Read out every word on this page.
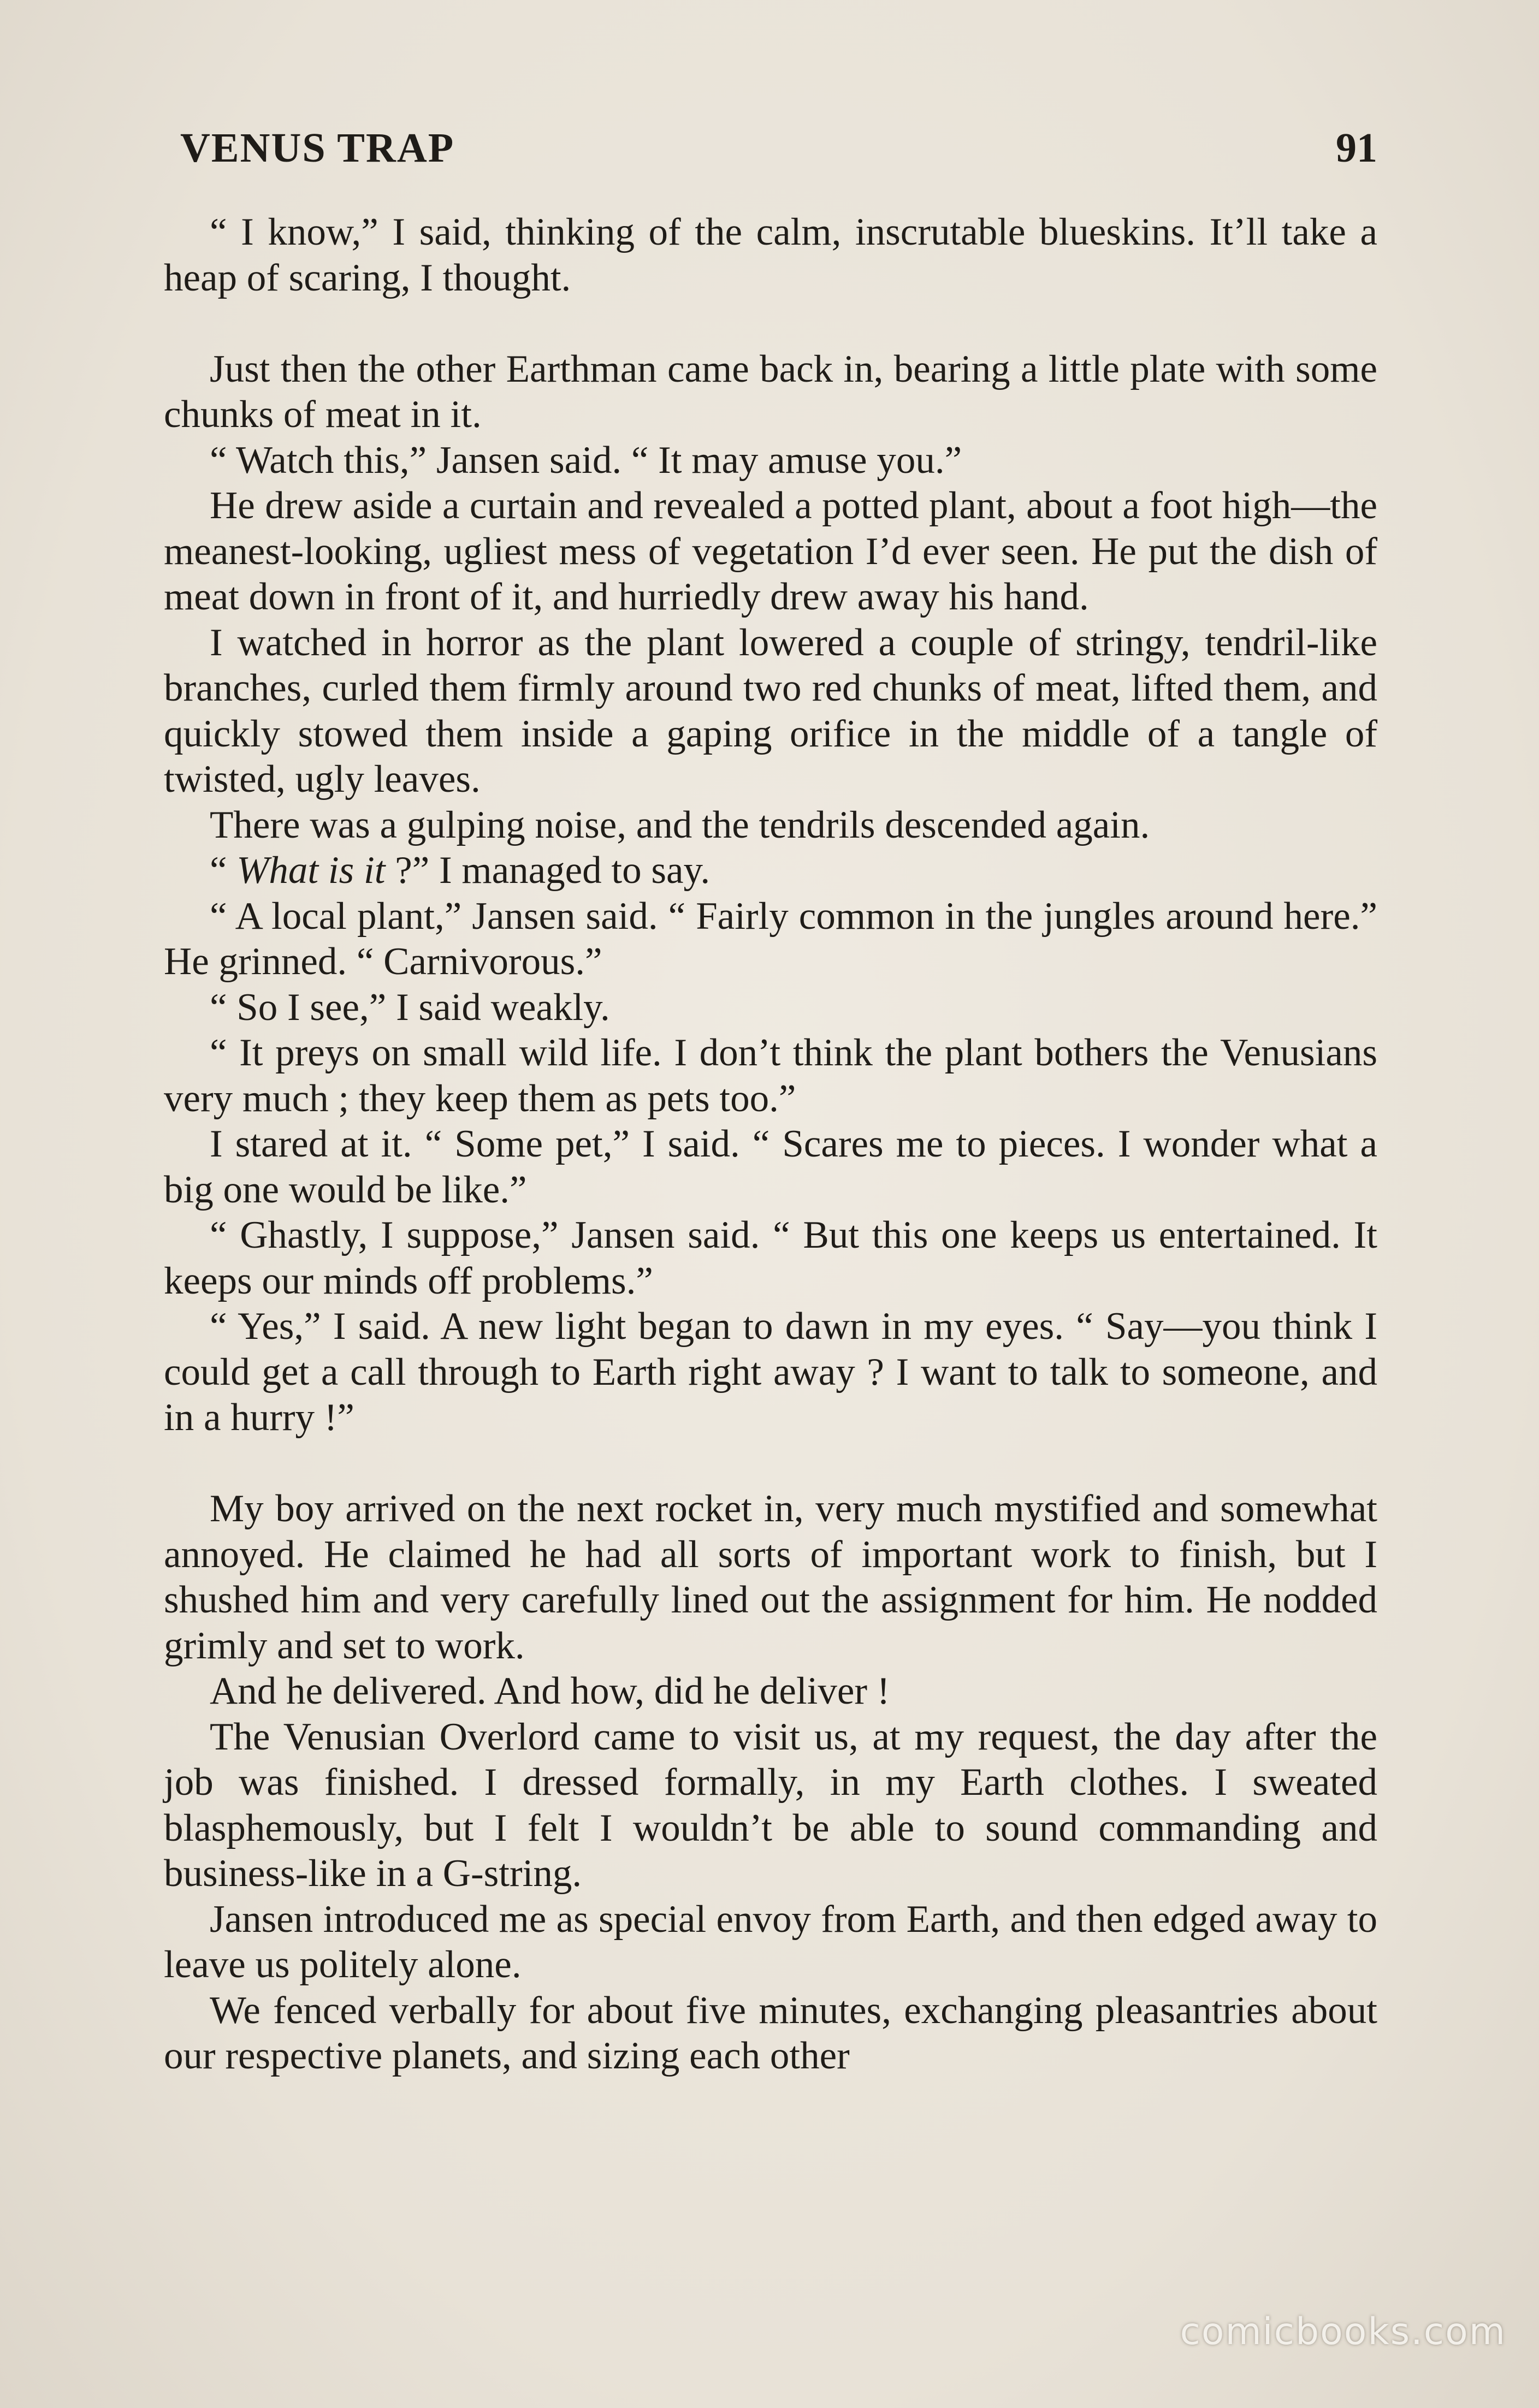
VENUS TRAP	91

“ I know,” I said, thinking of the calm, inscrutable blueskins. It’ll take a heap of scaring, I thought.

Just then the other Earthman came back in, bearing a little plate with some chunks of meat in it.

“ Watch this,” Jansen said. “ It may amuse you.”

He drew aside a curtain and revealed a potted plant, about a foot high—the meanest-looking, ugliest mess of vegetation I’d ever seen. He put the dish of meat down in front of it, and hurriedly drew away his hand.

I watched in horror as the plant lowered a couple of stringy, tendril-like branches, curled them firmly around two red chunks of meat, lifted them, and quickly stowed them inside a gaping orifice in the middle of a tangle of twisted, ugly leaves.

There was a gulping noise, and the tendrils descended again.

“ What is it ?” I managed to say.

“ A local plant,” Jansen said. “ Fairly common in the jungles around here.” He grinned. “ Carnivorous.”

“ So I see,” I said weakly.

“ It preys on small wild life. I don’t think the plant bothers the Venusians very much ; they keep them as pets too.”

I stared at it. “ Some pet,” I said. “ Scares me to pieces. I wonder what a big one would be like.”

“ Ghastly, I suppose,” Jansen said. “ But this one keeps us entertained. It keeps our minds off problems.”

“ Yes,” I said. A new light began to dawn in my eyes. “ Say—you think I could get a call through to Earth right away ? I want to talk to someone, and in a hurry !”

My boy arrived on the next rocket in, very much mystified and somewhat annoyed. He claimed he had all sorts of important work to finish, but I shushed him and very carefully lined out the assignment for him. He nodded grimly and set to work.

And he delivered. And how, did he deliver !

The Venusian Overlord came to visit us, at my request, the day after the job was finished. I dressed formally, in my Earth clothes. I sweated blasphemously, but I felt I wouldn’t be able to sound commanding and business-like in a G-string.

Jansen introduced me as special envoy from Earth, and then edged away to leave us politely alone.

We fenced verbally for about five minutes, exchanging pleasantries about our respective planets, and sizing each other

comicbooks.com
